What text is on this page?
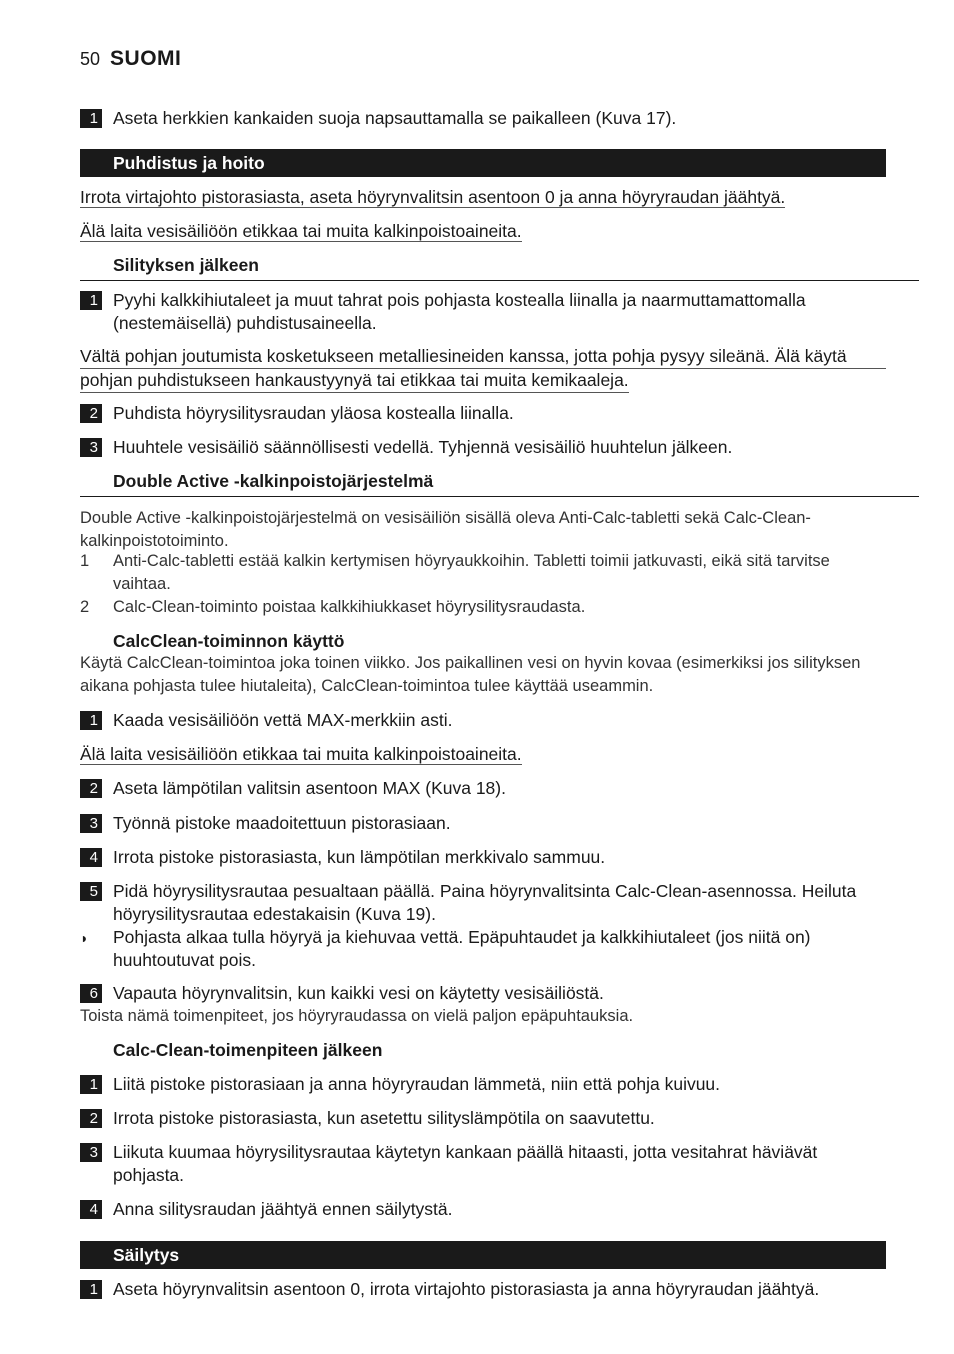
50 SUOMI
1 Aseta herkkien kankaiden suoja napsauttamalla se paikalleen (Kuva 17).
Puhdistus ja hoito
Irrota virtajohto pistorasiasta, aseta höyrynvalitsin asentoon 0 ja anna höyryraudan jäähtyä.
Älä laita vesisäiliöön etikkaa tai muita kalkinpoistoaineita.
Silityksen jälkeen
1 Pyyhi kalkkihiutaleet ja muut tahrat pois pohjasta kostealla liinalla ja naarmuttamattomalla (nestemäisellä) puhdistusaineella.
Vältä pohjan joutumista kosketukseen metalliesineiden kanssa, jotta pohja pysyy sileänä. Älä käytä
pohjan puhdistukseen hankaustyynyä tai etikkaa tai muita kemikaaleja.
2 Puhdista höyrysilitysraudan yläosa kostealla liinalla.
3 Huuhtele vesisäiliö säännöllisesti vedellä. Tyhjennä vesisäiliö huuhtelun jälkeen.
Double Active -kalkinpoistojärjestelmä
Double Active -kalkinpoistojärjestelmä on vesisäiliön sisällä oleva Anti-Calc-tabletti sekä Calc-Clean-kalkinpoistotoiminto.
1	Anti-Calc-tabletti estää kalkin kertymisen höyryaukkoihin. Tabletti toimii jatkuvasti, eikä sitä tarvitse vaihtaa.
2	Calc-Clean-toiminto poistaa kalkkihiukkaset höyrysilitysraudasta.
CalcClean-toiminnon käyttö
Käytä CalcClean-toimintoa joka toinen viikko. Jos paikallinen vesi on hyvin kovaa (esimerkiksi jos silityksen aikana pohjasta tulee hiutaleita), CalcClean-toimintoa tulee käyttää useammin.
1 Kaada vesisäiliöön vettä MAX-merkkiin asti.
Älä laita vesisäiliöön etikkaa tai muita kalkinpoistoaineita.
2 Aseta lämpötilan valitsin asentoon MAX (Kuva 18).
3 Työnnä pistoke maadoitettuun pistorasiaan.
4 Irrota pistoke pistorasiasta, kun lämpötilan merkkivalo sammuu.
5 Pidä höyrysilitysrautaa pesualtaan päällä. Paina höyrynvalitsinta Calc-Clean-asennossa. Heiluta höyrysilitysrautaa edestakaisin (Kuva 19).
◗	Pohjasta alkaa tulla höyryä ja kiehuvaa vettä. Epäpuhtaudet ja kalkkihiutaleet (jos niitä on) huuhtoutuvat pois.
6 Vapauta höyrynvalitsin, kun kaikki vesi on käytetty vesisäiliöstä.
Toista nämä toimenpiteet, jos höyryraudassa on vielä paljon epäpuhtauksia.
Calc-Clean-toimenpiteen jälkeen
1 Liitä pistoke pistorasiaan ja anna höyryraudan lämmetä, niin että pohja kuivuu.
2 Irrota pistoke pistorasiasta, kun asetettu silityslämpötila on saavutettu.
3 Liikuta kuumaa höyrysilitysrautaa käytetyn kankaan päällä hitaasti, jotta vesitahrat häviävät pohjasta.
4 Anna silitysraudan jäähtyä ennen säilytystä.
Säilytys
1 Aseta höyrynvalitsin asentoon 0, irrota virtajohto pistorasiasta ja anna höyryraudan jäähtyä.
